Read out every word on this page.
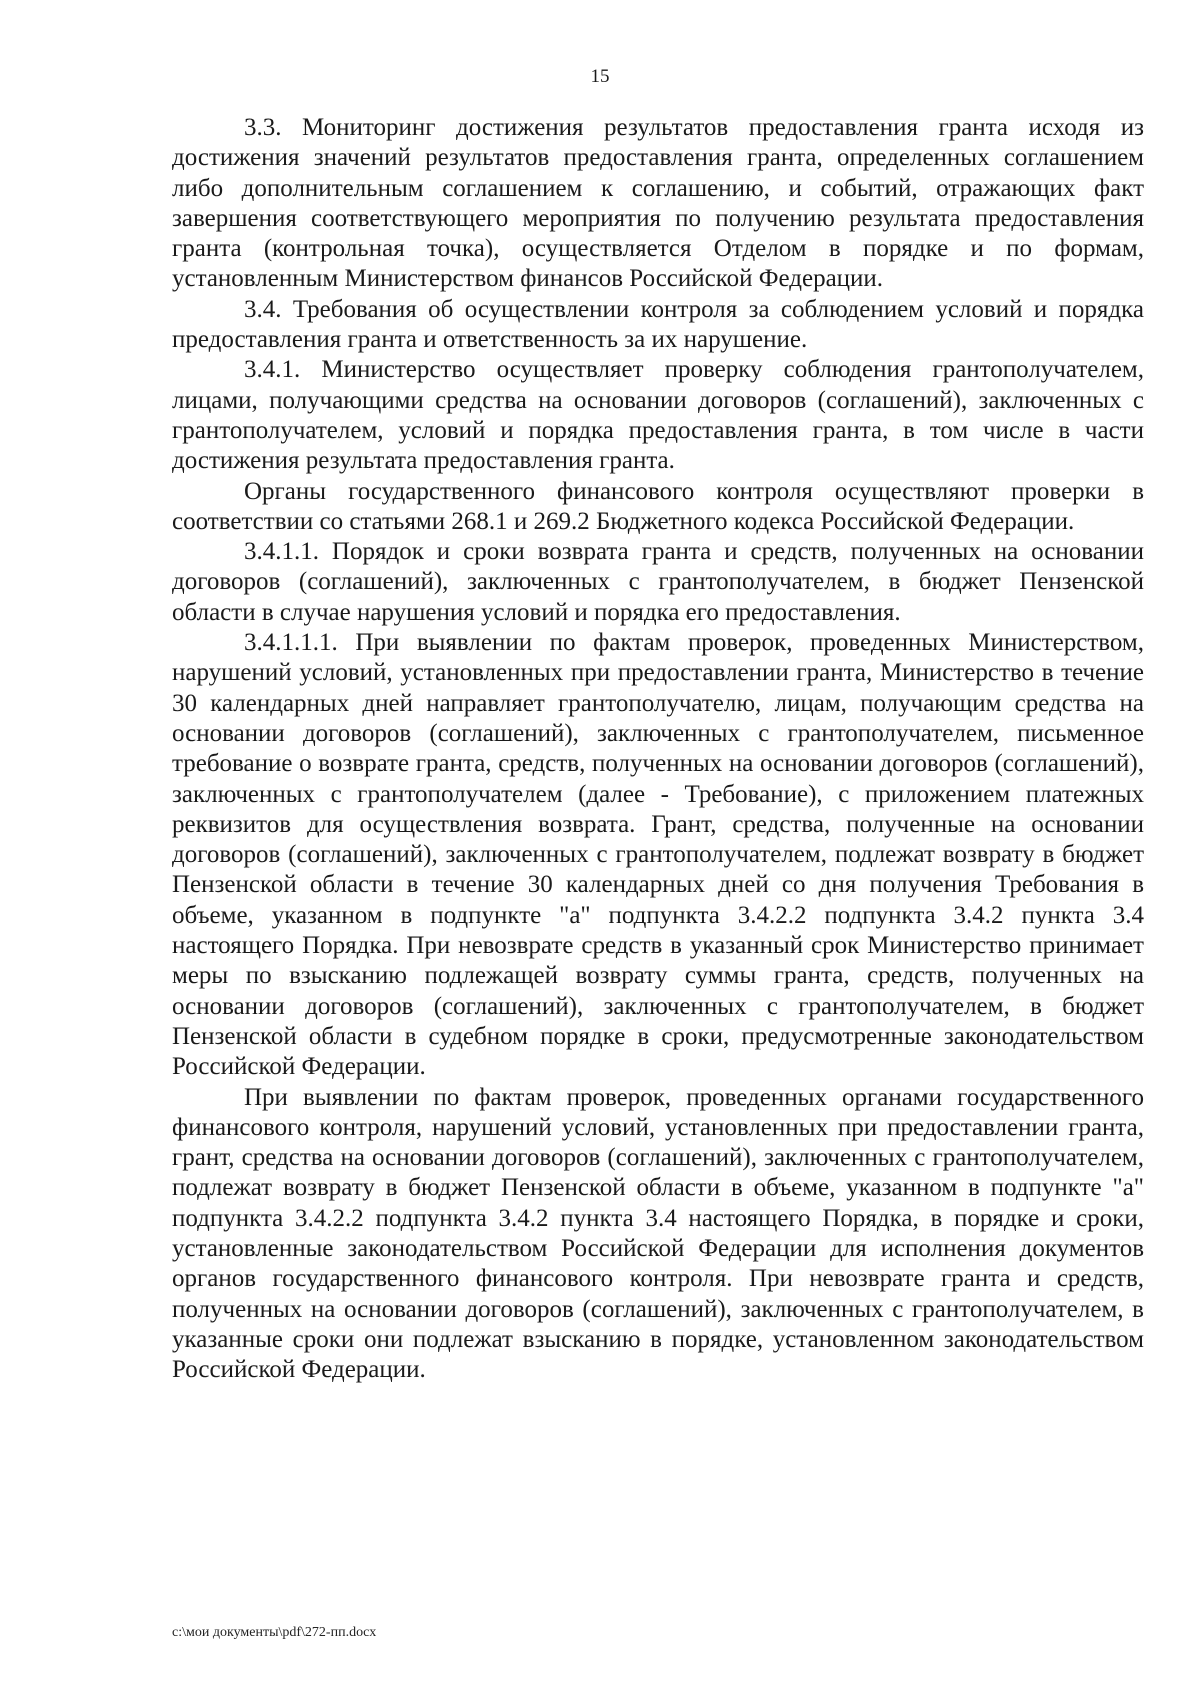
15

3.3. Мониторинг достижения результатов предоставления гранта исходя из достижения значений результатов предоставления гранта, определенных соглашением либо дополнительным соглашением к соглашению, и событий, отражающих факт завершения соответствующего мероприятия по получению результата предоставления гранта (контрольная точка), осуществляется Отделом в порядке и по формам, установленным Министерством финансов Российской Федерации.

3.4. Требования об осуществлении контроля за соблюдением условий и порядка предоставления гранта и ответственность за их нарушение.

3.4.1. Министерство осуществляет проверку соблюдения грантополучателем, лицами, получающими средства на основании договоров (соглашений), заключенных с грантополучателем, условий и порядка предоставления гранта, в том числе в части достижения результата предоставления гранта.

Органы государственного финансового контроля осуществляют проверки в соответствии со статьями 268.1 и 269.2 Бюджетного кодекса Российской Федерации.

3.4.1.1. Порядок и сроки возврата гранта и средств, полученных на основании договоров (соглашений), заключенных с грантополучателем, в бюджет Пензенской области в случае нарушения условий и порядка его предоставления.

3.4.1.1.1. При выявлении по фактам проверок, проведенных Министерством, нарушений условий, установленных при предоставлении гранта, Министерство в течение 30 календарных дней направляет грантополучателю, лицам, получающим средства на основании договоров (соглашений), заключенных с грантополучателем, письменное требование о возврате гранта, средств, полученных на основании договоров (соглашений), заключенных с грантополучателем (далее - Требование), с приложением платежных реквизитов для осуществления возврата. Грант, средства, полученные на основании договоров (соглашений), заключенных с грантополучателем, подлежат возврату в бюджет Пензенской области в течение 30 календарных дней со дня получения Требования в объеме, указанном в подпункте "а" подпункта 3.4.2.2 подпункта 3.4.2 пункта 3.4 настоящего Порядка. При невозврате средств в указанный срок Министерство принимает меры по взысканию подлежащей возврату суммы гранта, средств, полученных на основании договоров (соглашений), заключенных с грантополучателем, в бюджет Пензенской области в судебном порядке в сроки, предусмотренные законодательством Российской Федерации.

При выявлении по фактам проверок, проведенных органами государственного финансового контроля, нарушений условий, установленных при предоставлении гранта, грант, средства на основании договоров (соглашений), заключенных с грантополучателем, подлежат возврату в бюджет Пензенской области в объеме, указанном в подпункте "а" подпункта 3.4.2.2 подпункта 3.4.2 пункта 3.4 настоящего Порядка, в порядке и сроки, установленные законодательством Российской Федерации для исполнения документов органов государственного финансового контроля. При невозврате гранта и средств, полученных на основании договоров (соглашений), заключенных с грантополучателем, в указанные сроки они подлежат взысканию в порядке, установленном законодательством Российской Федерации.

c:\мои документы\pdf\272-пп.docx
